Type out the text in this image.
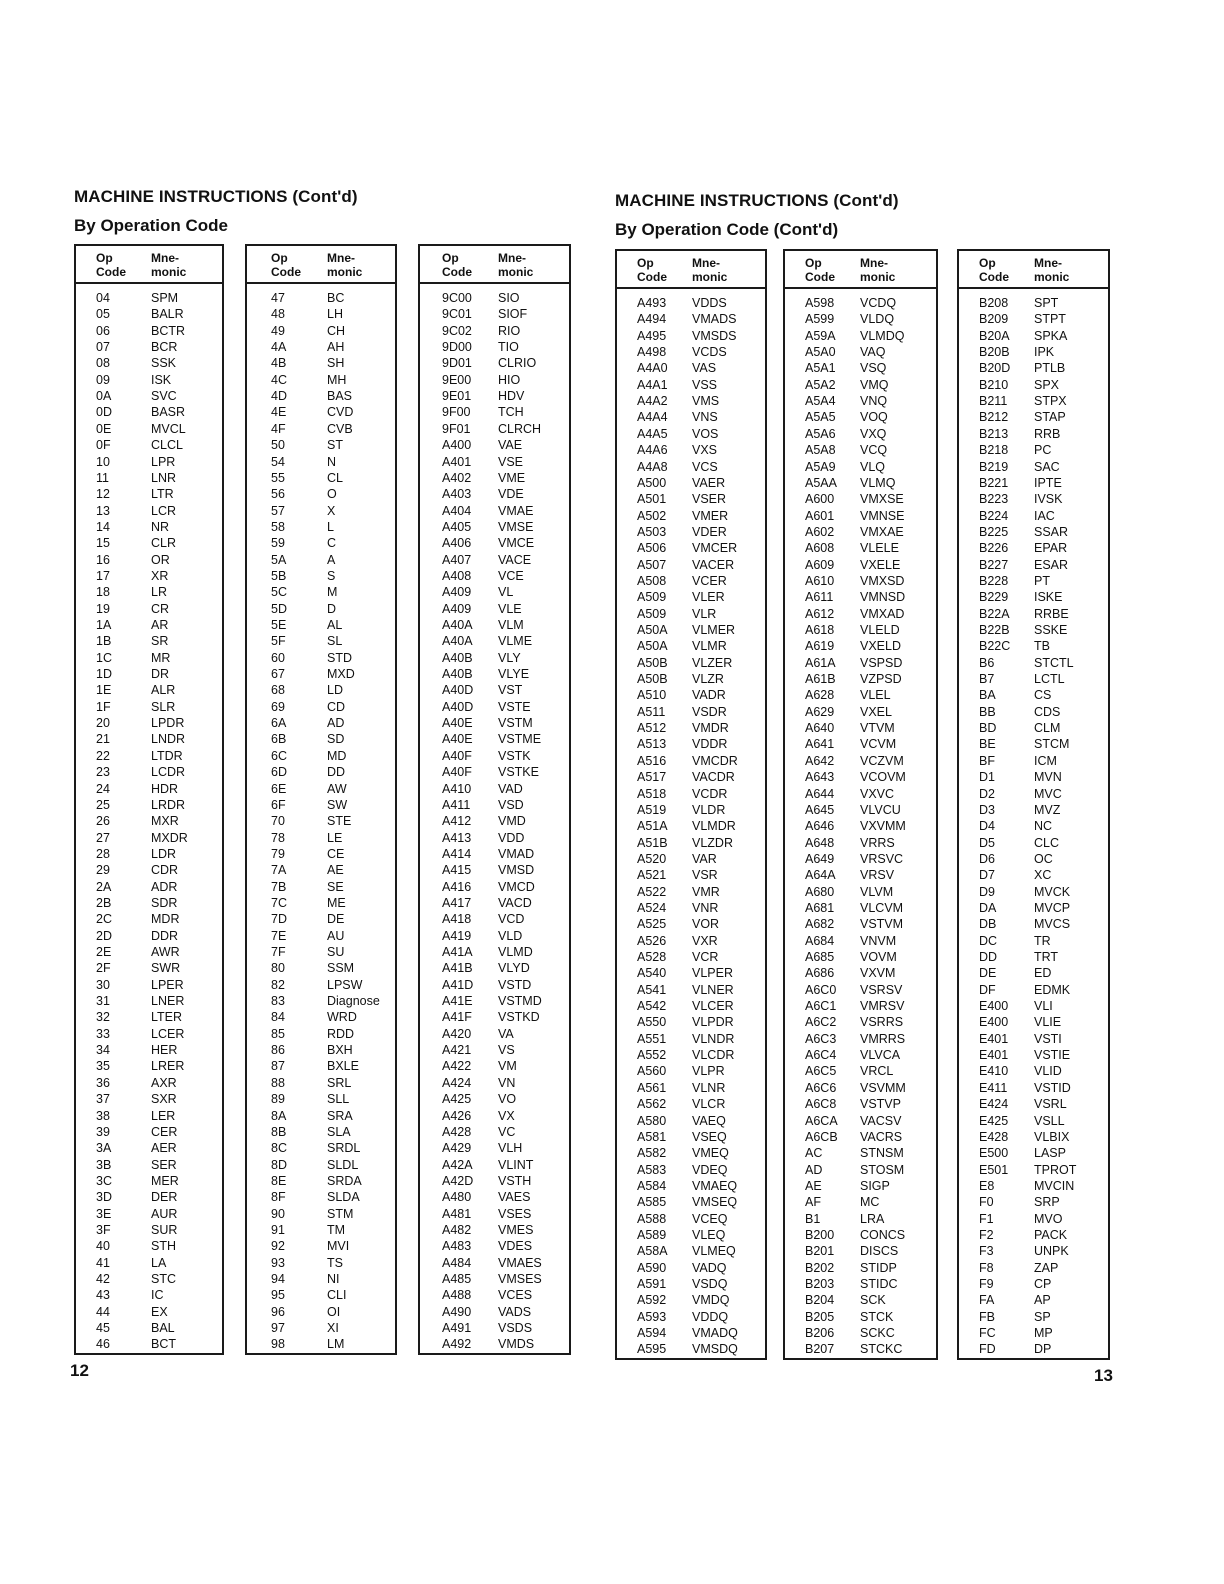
MACHINE INSTRUCTIONS (Cont'd)
By Operation Code
MACHINE INSTRUCTIONS (Cont'd)
By Operation Code (Cont'd)
Op
Code
Mne-
monic
04	SPM
05	BALR
06	BCTR
07	BCR
08	SSK
09	ISK
0A	SVC
0D	BASR
0E	MVCL
0F	CLCL
10	LPR
11	LNR
12	LTR
13	LCR
14	NR
15	CLR
16	OR
17	XR
18	LR
19	CR
1A	AR
1B	SR
1C	MR
1D	DR
1E	ALR
1F	SLR
20	LPDR
21	LNDR
22	LTDR
23	LCDR
24	HDR
25	LRDR
26	MXR
27	MXDR
28	LDR
29	CDR
2A	ADR
2B	SDR
2C	MDR
2D	DDR
2E	AWR
2F	SWR
30	LPER
31	LNER
32	LTER
33	LCER
34	HER
35	LRER
36	AXR
37	SXR
38	LER
39	CER
3A	AER
3B	SER
3C	MER
3D	DER
3E	AUR
3F	SUR
40	STH
41	LA
42	STC
43	IC
44	EX
45	BAL
46	BCT
Op
Code
Mne-
monic
47	BC
48	LH
49	CH
4A	AH
4B	SH
4C	MH
4D	BAS
4E	CVD
4F	CVB
50	ST
54	N
55	CL
56	O
57	X
58	L
59	C
5A	A
5B	S
5C	M
5D	D
5E	AL
5F	SL
60	STD
67	MXD
68	LD
69	CD
6A	AD
6B	SD
6C	MD
6D	DD
6E	AW
6F	SW
70	STE
78	LE
79	CE
7A	AE
7B	SE
7C	ME
7D	DE
7E	AU
7F	SU
80	SSM
82	LPSW
83	Diagnose
84	WRD
85	RDD
86	BXH
87	BXLE
88	SRL
89	SLL
8A	SRA
8B	SLA
8C	SRDL
8D	SLDL
8E	SRDA
8F	SLDA
90	STM
91	TM
92	MVI
93	TS
94	NI
95	CLI
96	OI
97	XI
98	LM
Op
Code
Mne-
monic
9C00 SIO
9C01 SIOF
9C02 RIO
9D00 TIO
9D01 CLRIO
9E00 HIO
9E01 HDV
9F00 TCH
9F01 CLRCH
A400 VAE
A401 VSE
A402 VME
A403 VDE
A404 VMAE
A405 VMSE
A406 VMCE
A407 VACE
A408 VCE
A409 VL
A409 VLE
A40A VLM
A40A VLME
A40B VLY
A40B VLYE
A40D VST
A40D VSTE
A40E VSTM
A40E VSTME
A40F VSTK
A40F VSTKE
A410 VAD
A411 VSD
A412 VMD
A413 VDD
A414 VMAD
A415 VMSD
A416 VMCD
A417 VACD
A418 VCD
A419 VLD
A41A VLMD
A41B VLYD
A41D VSTD
A41E VSTMD
A41F VSTKD
A420 VA
A421 VS
A422 VM
A424 VN
A425 VO
A426 VX
A428 VC
A429 VLH
A42A VLINT
A42D VSTH
A480 VAES
A481 VSES
A482 VMES
A483 VDES
A484 VMAES
A485 VMSES
A488 VCES
A490 VADS
A491 VSDS
A492 VMDS
Op
Code
Mne-
monic
A493 VDDS
A494 VMADS
A495 VMSDS
A498 VCDS
A4A0 VAS
A4A1 VSS
A4A2 VMS
A4A4 VNS
A4A5 VOS
A4A6 VXS
A4A8 VCS
A500 VAER
A501 VSER
A502 VMER
A503 VDER
A506 VMCER
A507 VACER
A508 VCER
A509 VLER
A509 VLR
A50A VLMER
A50A VLMR
A50B VLZER
A50B VLZR
A510 VADR
A511 VSDR
A512 VMDR
A513 VDDR
A516 VMCDR
A517 VACDR
A518 VCDR
A519 VLDR
A51A VLMDR
A51B VLZDR
A520 VAR
A521 VSR
A522 VMR
A524 VNR
A525 VOR
A526 VXR
A528 VCR
A540 VLPER
A541 VLNER
A542 VLCER
A550 VLPDR
A551 VLNDR
A552 VLCDR
A560 VLPR
A561 VLNR
A562 VLCR
A580 VAEQ
A581 VSEQ
A582 VMEQ
A583 VDEQ
A584 VMAEQ
A585 VMSEQ
A588 VCEQ
A589 VLEQ
A58A VLMEQ
A590 VADQ
A591 VSDQ
A592 VMDQ
A593 VDDQ
A594 VMADQ
A595 VMSDQ
Op
Code
Mne-
monic
A598 VCDQ
A599 VLDQ
A59A VLMDQ
A5A0 VAQ
A5A1 VSQ
A5A2 VMQ
A5A4 VNQ
A5A5 VOQ
A5A6 VXQ
A5A8 VCQ
A5A9 VLQ
A5AA VLMQ
A600 VMXSE
A601 VMNSE
A602 VMXAE
A608 VLELE
A609 VXELE
A610 VMXSD
A611 VMNSD
A612 VMXAD
A618 VLELD
A619 VXELD
A61A VSPSD
A61B VZPSD
A628 VLEL
A629 VXEL
A640 VTVM
A641 VCVM
A642 VCZVM
A643 VCOVM
A644 VXVC
A645 VLVCU
A646 VXVMM
A648 VRRS
A649 VRSVC
A64A VRSV
A680 VLVM
A681 VLCVM
A682 VSTVM
A684 VNVM
A685 VOVM
A686 VXVM
A6C0 VSRSV
A6C1 VMRSV
A6C2 VSRRS
A6C3 VMRRS
A6C4 VLVCA
A6C5 VRCL
A6C6 VSVMM
A6C8 VSTVP
A6CA VACSV
A6CB VACRS
AC	STNSM
AD	STOSM
AE	SIGP
AF	MC
B1	LRA
B200 CONCS
B201 DISCS
B202 STIDP
B203 STIDC
B204 SCK
B205 STCK
B206 SCKC
B207 STCKC
Op
Code
Mne-
monic
B208 SPT
B209 STPT
B20A SPKA
B20B IPK
B20D PTLB
B210 SPX
B211 STPX
B212 STAP
B213 RRB
B218 PC
B219 SAC
B221 IPTE
B223 IVSK
B224 IAC
B225 SSAR
B226 EPAR
B227 ESAR
B228 PT
B229 ISKE
B22A RRBE
B22B SSKE
B22C TB
B6	STCTL
B7	LCTL
BA	CS
BB	CDS
BD	CLM
BE	STCM
BF	ICM
D1	MVN
D2	MVC
D3	MVZ
D4	NC
D5	CLC
D6	OC
D7	XC
D9	MVCK
DA	MVCP
DB	MVCS
DC	TR
DD	TRT
DE	ED
DF	EDMK
E400 VLI
E400 VLIE
E401 VSTI
E401 VSTIE
E410 VLID
E411 VSTID
E424 VSRL
E425 VSLL
E428 VLBIX
E500 LASP
E501 TPROT
E8	MVCIN
F0	SRP
F1	MVO
F2	PACK
F3	UNPK
F8	ZAP
F9	CP
FA	AP
FB	SP
FC	MP
FD	DP
12	13
